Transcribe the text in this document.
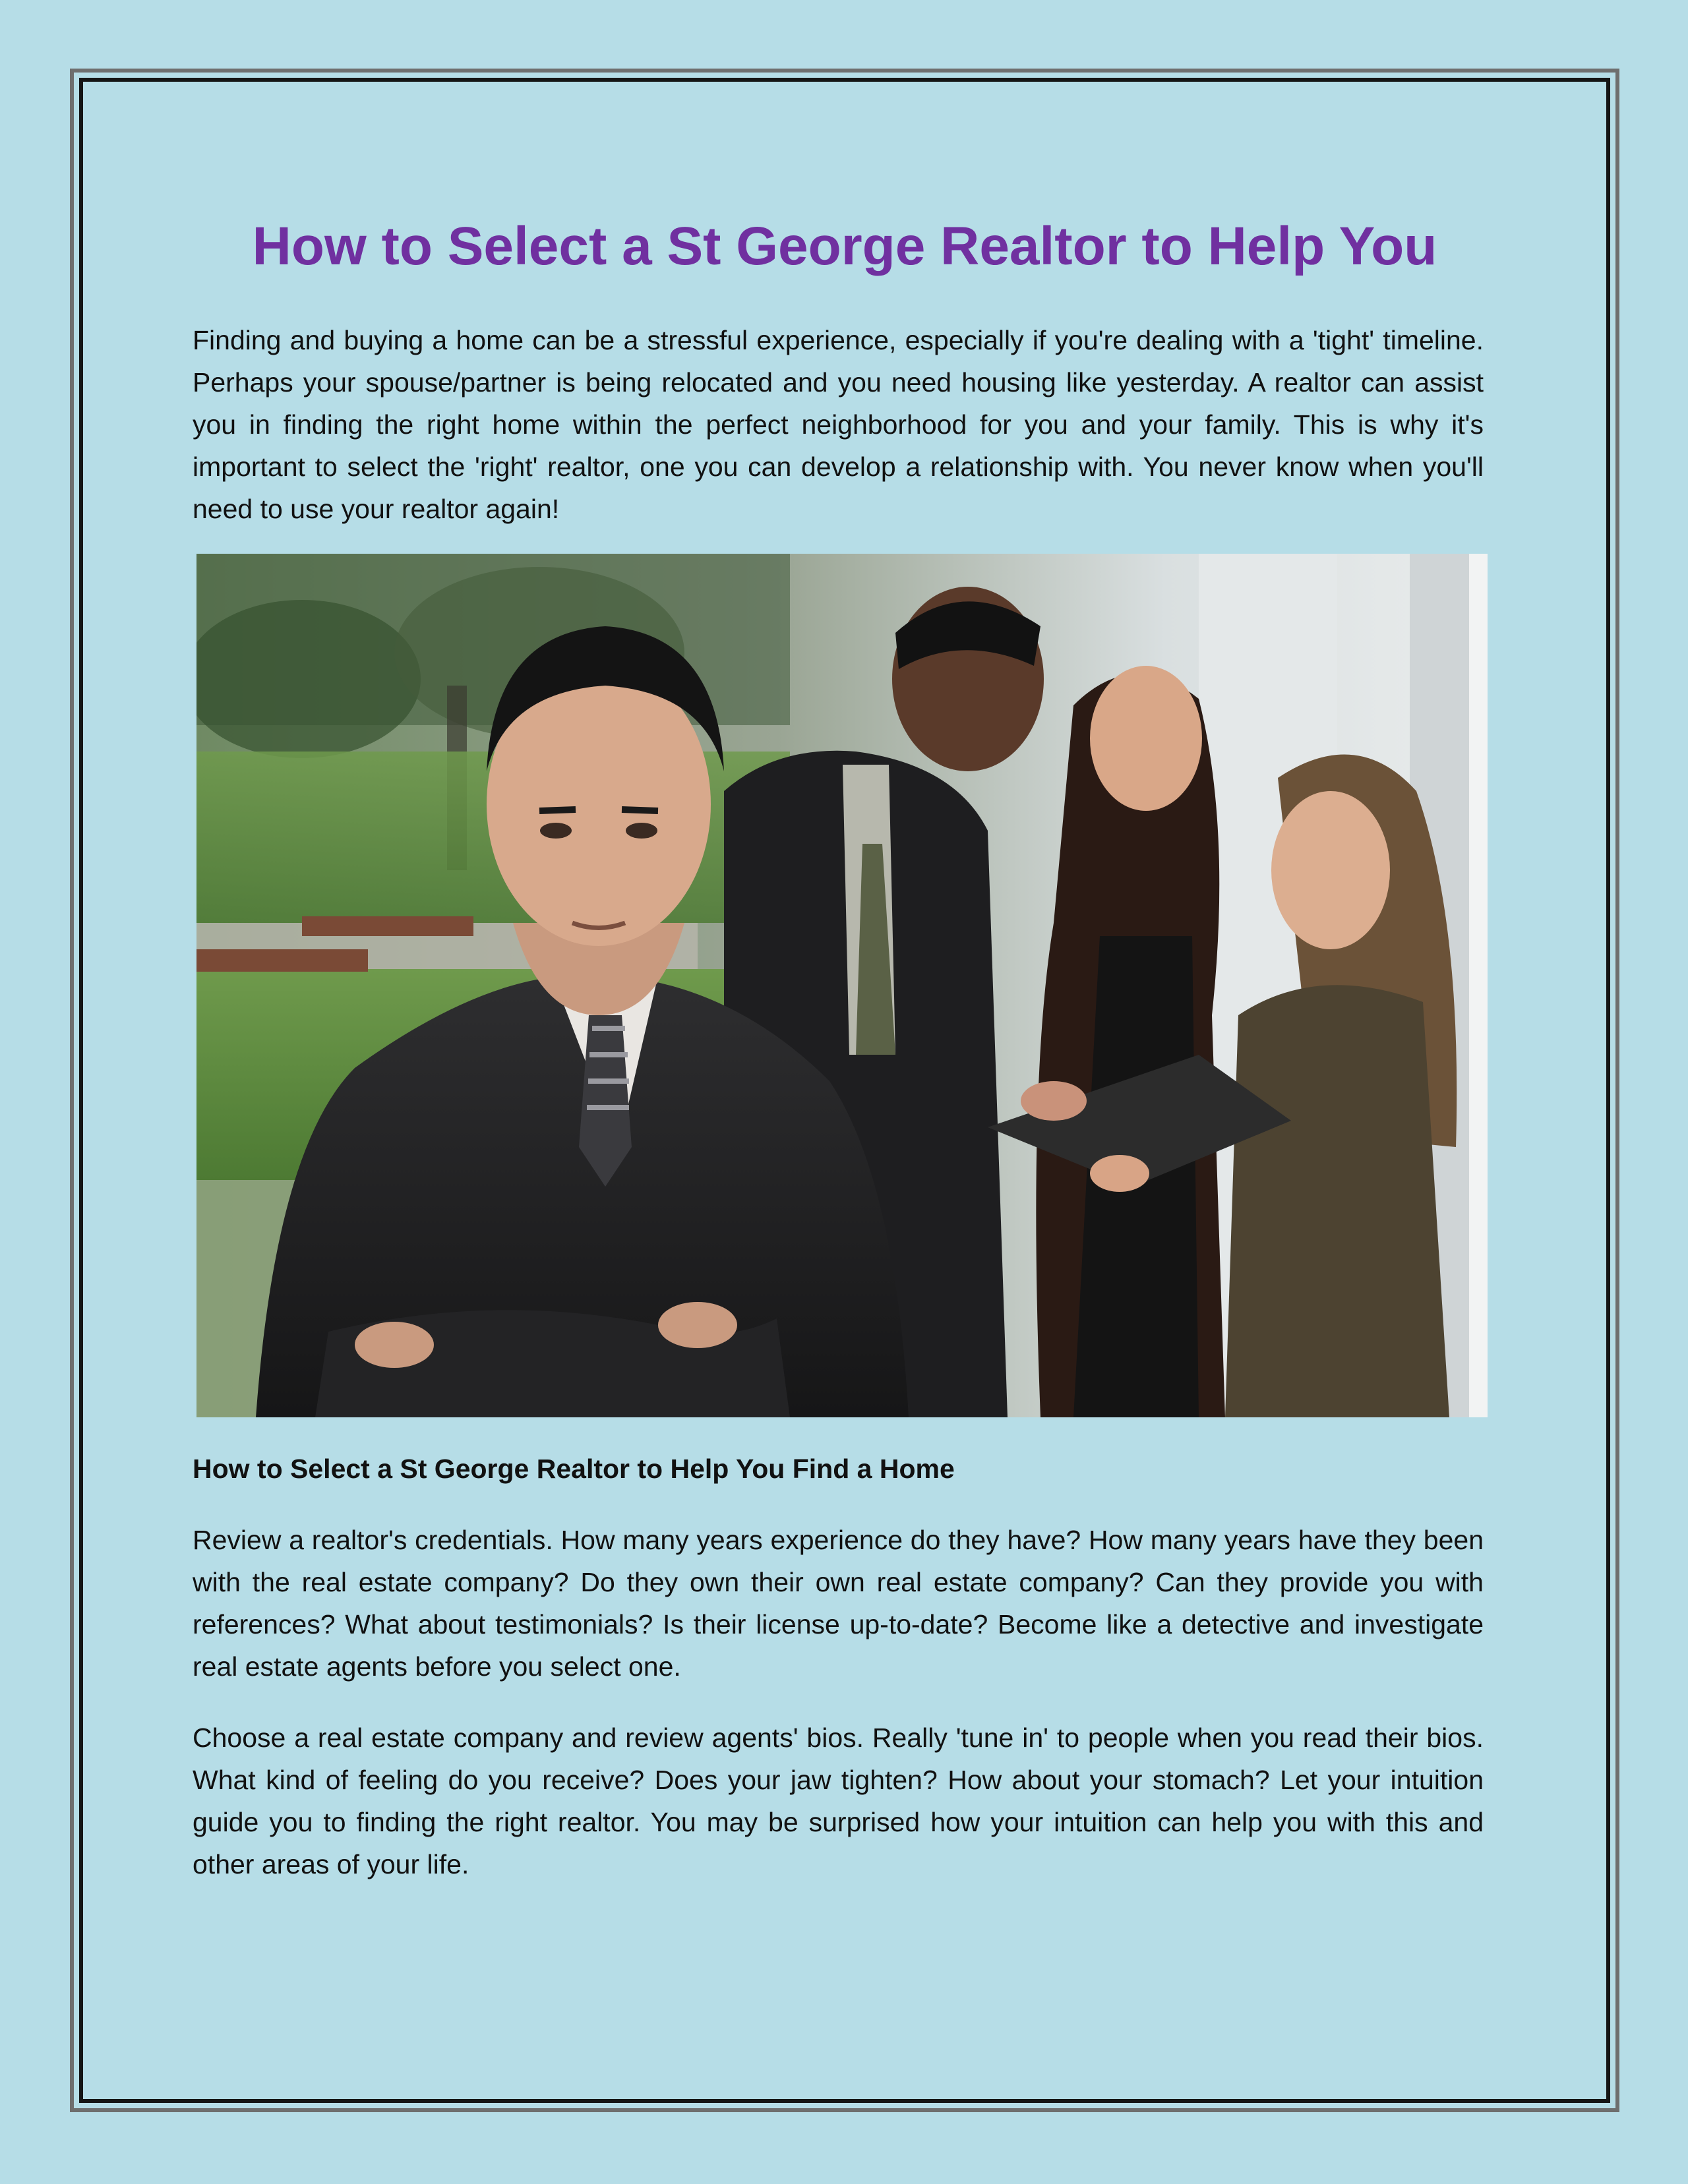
How to Select a St George Realtor to Help You

Finding and buying a home can be a stressful experience, especially if you're dealing with a 'tight' timeline. Perhaps your spouse/partner is being relocated and you need housing like yesterday. A realtor can assist you in finding the right home within the perfect neighborhood for you and your family. This is why it's important to select the 'right' realtor, one you can develop a relationship with. You never know when you'll need to use your realtor again!

How to Select a St George Realtor to Help You Find a Home

Review a realtor's credentials. How many years experience do they have? How many years have they been with the real estate company? Do they own their own real estate company? Can they provide you with references? What about testimonials? Is their license up-to-date? Become like a detective and investigate real estate agents before you select one.

Choose a real estate company and review agents' bios. Really 'tune in' to people when you read their bios. What kind of feeling do you receive? Does your jaw tighten? How about your stomach? Let your intuition guide you to finding the right realtor. You may be surprised how your intuition can help you with this and other areas of your life.
